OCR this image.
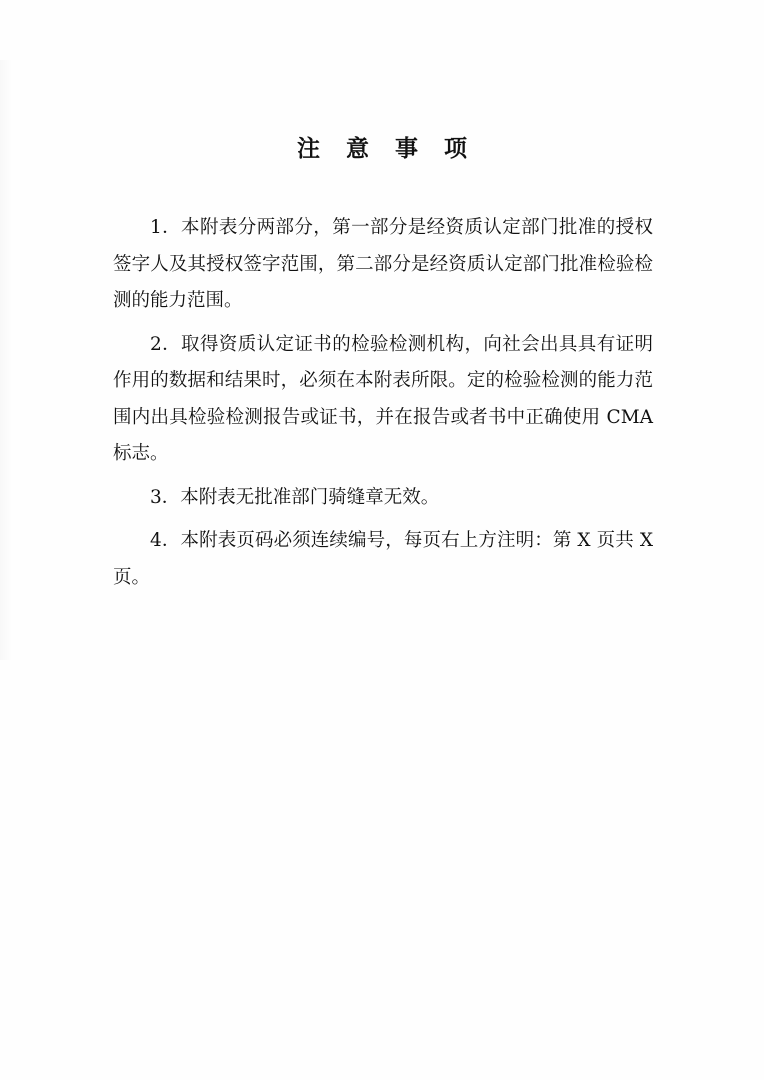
注 意 事 项

1．本附表分两部分，第一部分是经资质认定部门批准的授权签字人及其授权签字范围，第二部分是经资质认定部门批准检验检测的能力范围。

2．取得资质认定证书的检验检测机构，向社会出具具有证明作用的数据和结果时，必须在本附表所限。定的检验检测的能力范围内出具检验检测报告或证书，并在报告或者书中正确使用 CMA 标志。

3．本附表无批准部门骑缝章无效。

4．本附表页码必须连续编号，每页右上方注明：第 X 页共 X 页。
